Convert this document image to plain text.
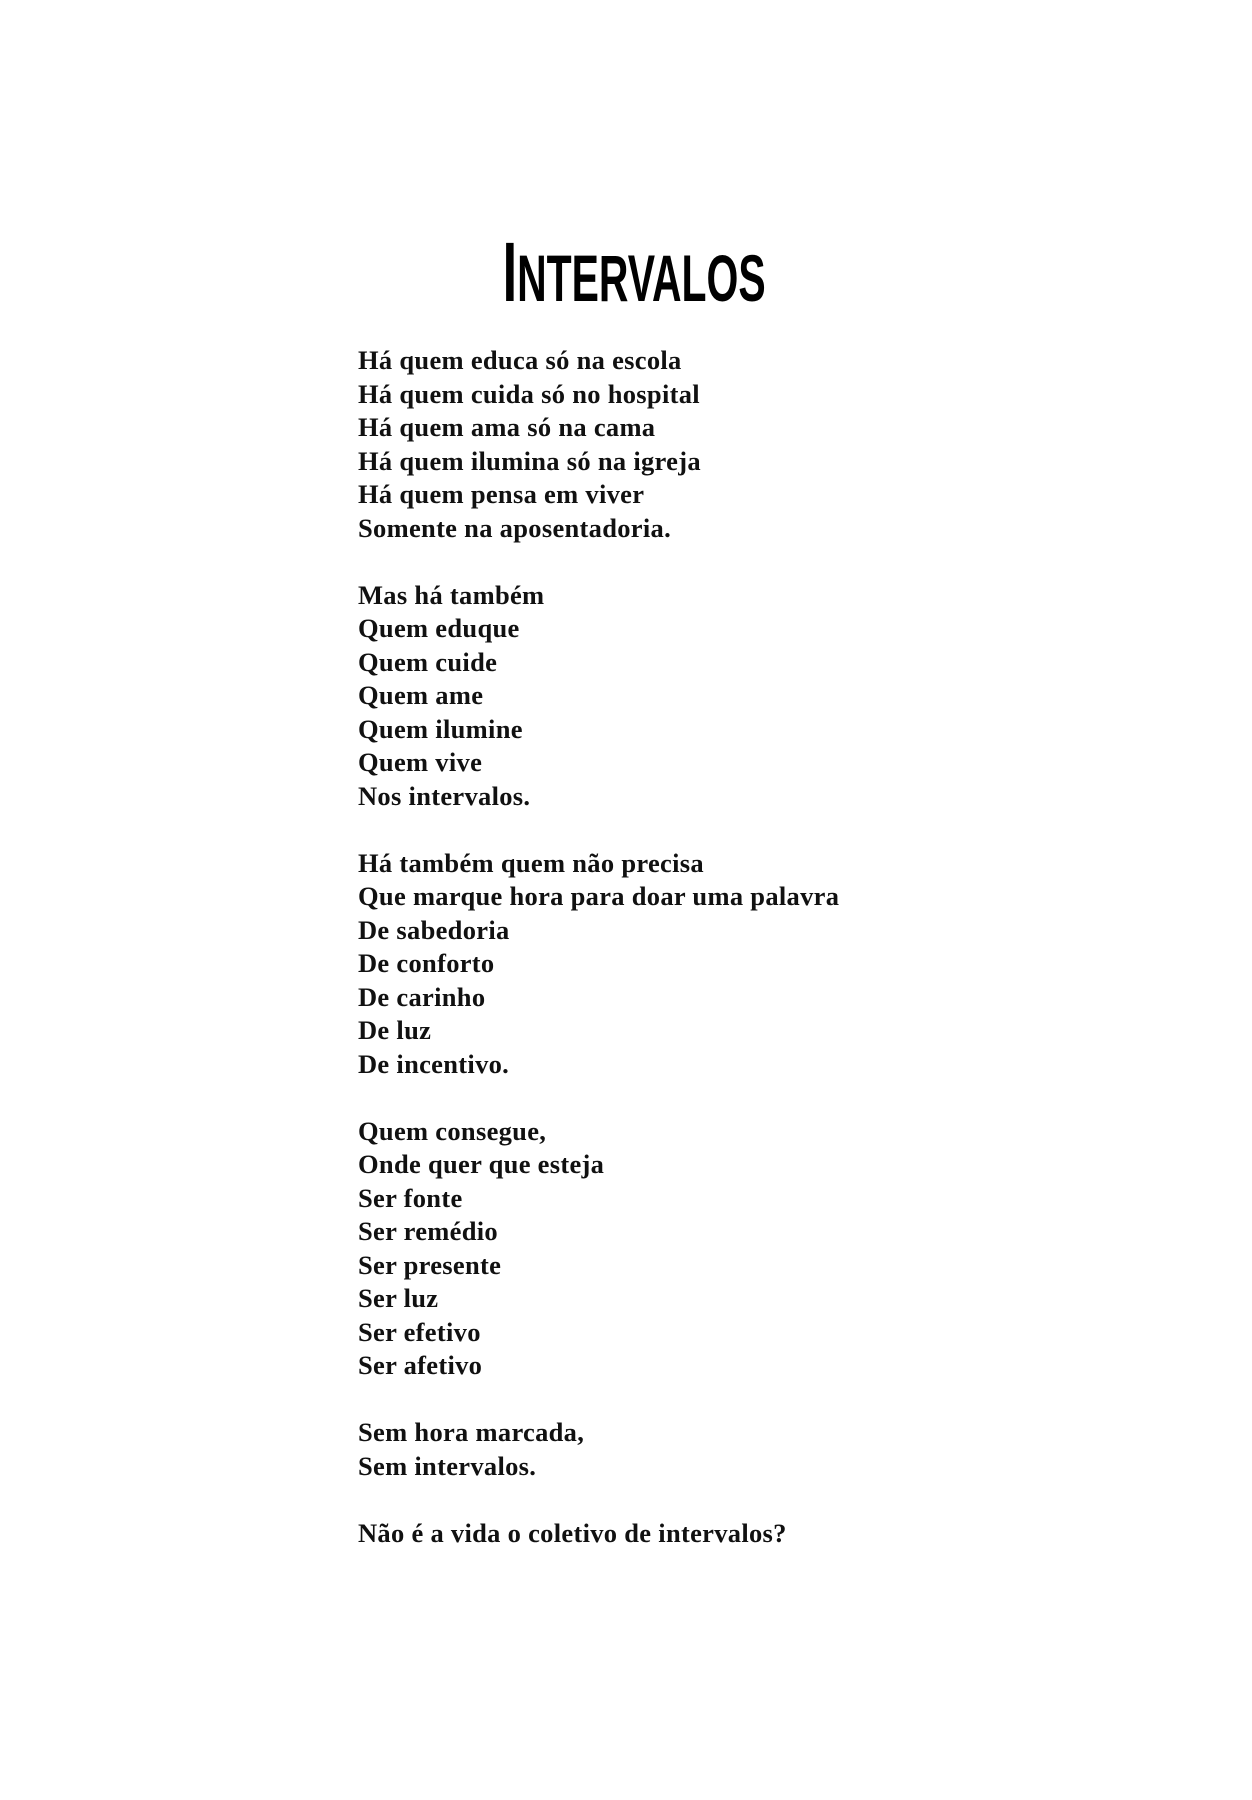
INTERVALOS
Há quem educa só na escola
Há quem cuida só no hospital
Há quem ama só na cama
Há quem ilumina só na igreja
Há quem pensa em viver
Somente na aposentadoria.
Mas há também
Quem eduque
Quem cuide
Quem ame
Quem ilumine
Quem vive
Nos intervalos.
Há também quem não precisa
Que marque hora para doar uma palavra
De sabedoria
De conforto
De carinho
De luz
De incentivo.
Quem consegue,
Onde quer que esteja
Ser fonte
Ser remédio
Ser presente
Ser luz
Ser efetivo
Ser afetivo
Sem hora marcada,
Sem intervalos.
Não é a vida o coletivo de intervalos?
